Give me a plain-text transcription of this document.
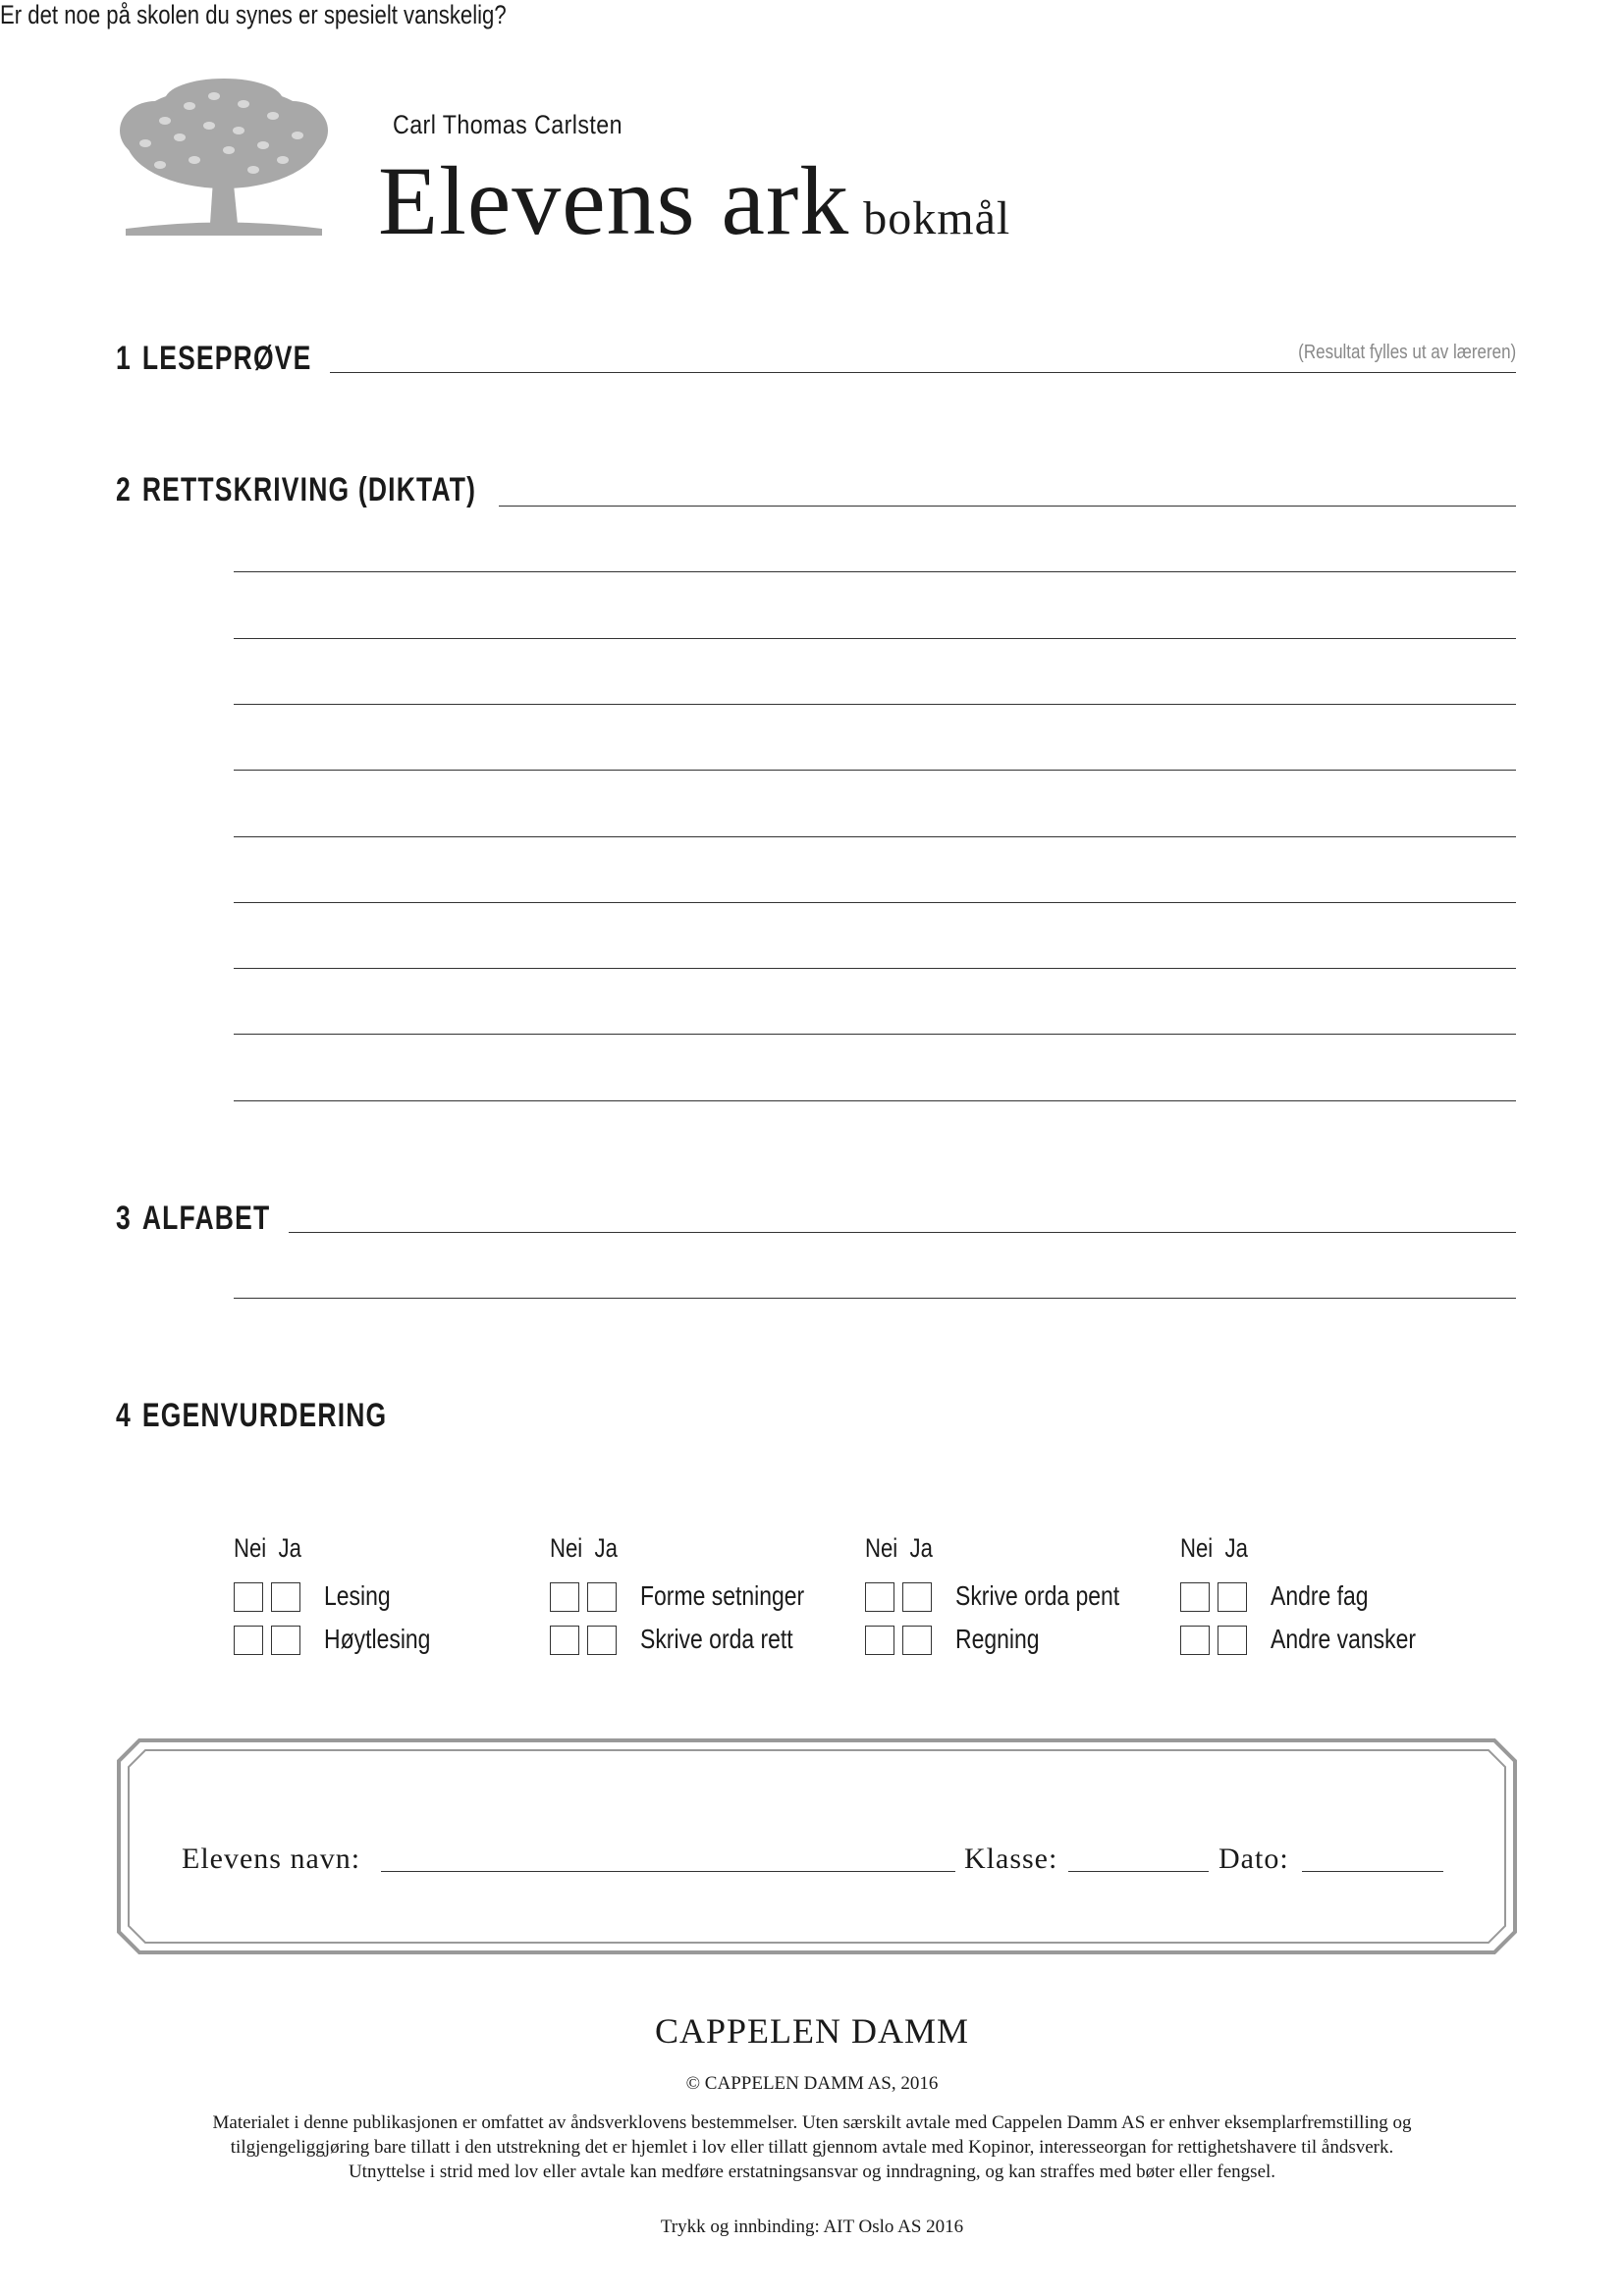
Carl Thomas Carlsten
Elevens ark bokmål
1 LESEPRØVE	(Resultat fylles ut av læreren)
2 RETTSKRIVING (DIKTAT)
3 ALFABET
4 EGENVURDERING
Er det noe på skolen du synes er spesielt vanskelig?
Nei Ja
Lesing
Høytlesing
Nei Ja
Forme setninger
Skrive orda rett
Nei Ja
Skrive orda pent
Regning
Nei Ja
Andre fag
Andre vansker
Elevens navn:	Klasse:	Dato:
CAPPELEN DAMM
© CAPPELEN DAMM AS, 2016
Materialet i denne publikasjonen er omfattet av åndsverklovens bestemmelser. Uten særskilt avtale med Cappelen Damm AS er enhver eksemplarfremstilling og
tilgjengeliggjøring bare tillatt i den utstrekning det er hjemlet i lov eller tillatt gjennom avtale med Kopinor, interesseorgan for rettighetshavere til åndsverk.
Utnyttelse i strid med lov eller avtale kan medføre erstatningsansvar og inndragning, og kan straffes med bøter eller fengsel.
Trykk og innbinding: AIT Oslo AS 2016
